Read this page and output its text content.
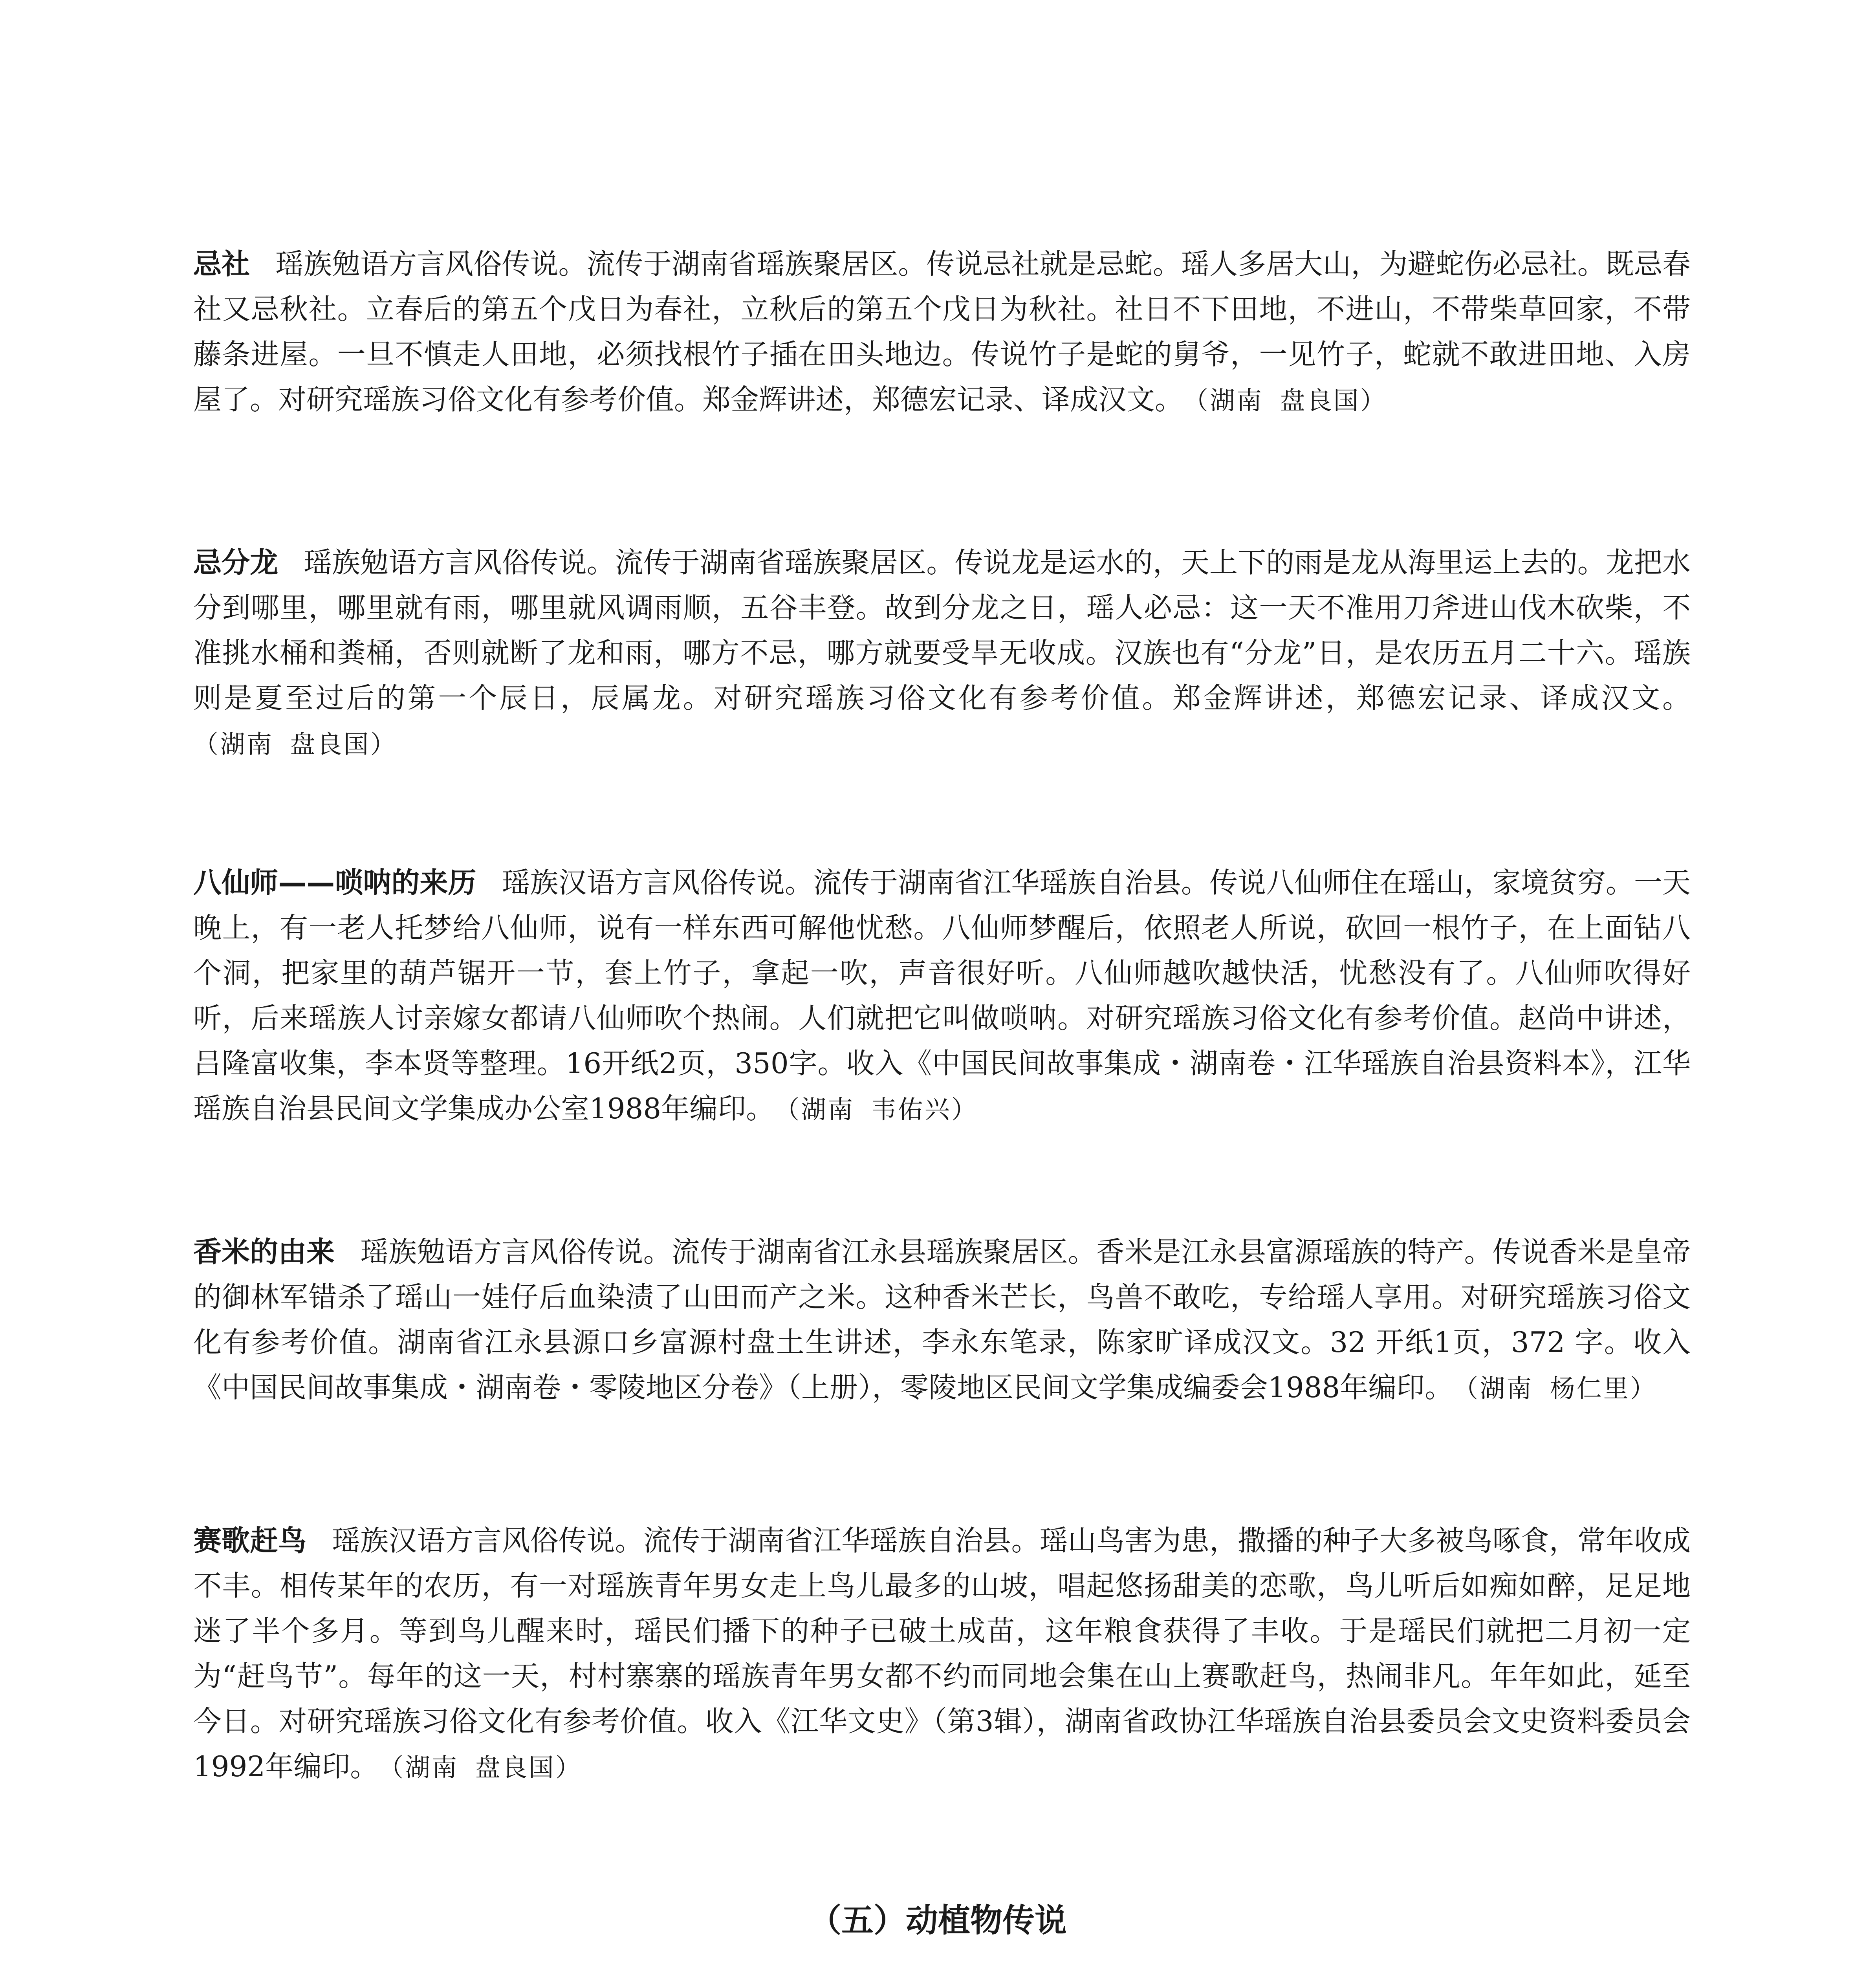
忌社 瑶族勉语方言风俗传说。流传于湖南省瑶族聚居区。传说忌社就是忌蛇。瑶人多居大山，为避蛇伤必忌社。既忌春社又忌秋社。立春后的第五个戊日为春社，立秋后的第五个戊日为秋社。社日不下田地，不进山，不带柴草回家，不带藤条进屋。一旦不慎走人田地，必须找根竹子插在田头地边。传说竹子是蛇的舅爷，一见竹子，蛇就不敢进田地、入房屋了。对研究瑶族习俗文化有参考价值。郑金辉讲述，郑德宏记录、译成汉文。 （湖南 盘良国）

忌分龙 瑶族勉语方言风俗传说。流传于湖南省瑶族聚居区。传说龙是运水的，天上下的雨是龙从海里运上去的。龙把水分到哪里，哪里就有雨，哪里就风调雨顺，五谷丰登。故到分龙之日，瑶人必忌：这一天不准用刀斧进山伐木砍柴，不准挑水桶和粪桶，否则就断了龙和雨，哪方不忌，哪方就要受旱无收成。汉族也有“分龙”日，是农历五月二十六。瑶族则是夏至过后的第一个辰日，辰属龙。对研究瑶族习俗文化有参考价值。郑金辉讲述，郑德宏记录、译成汉文。（湖南 盘良国）

八仙师——唢呐的来历 瑶族汉语方言风俗传说。流传于湖南省江华瑶族自治县。传说八仙师住在瑶山，家境贫穷。一天晚上，有一老人托梦给八仙师，说有一样东西可解他忧愁。八仙师梦醒后，依照老人所说，砍回一根竹子，在上面钻八个洞，把家里的葫芦锯开一节，套上竹子，拿起一吹，声音很好听。八仙师越吹越快活，忧愁没有了。八仙师吹得好听，后来瑶族人讨亲嫁女都请八仙师吹个热闹。人们就把它叫做唢呐。对研究瑶族习俗文化有参考价值。赵尚中讲述，吕隆富收集，李本贤等整理。16开纸2页，350字。收入《中国民间故事集成・湖南卷・江华瑶族自治县资料本》，江华瑶族自治县民间文学集成办公室1988年编印。 （湖南 韦佑兴）

香米的由来 瑶族勉语方言风俗传说。流传于湖南省江永县瑶族聚居区。香米是江永县富源瑶族的特产。传说香米是皇帝的御林军错杀了瑶山一娃仔后血染渍了山田而产之米。这种香米芒长，鸟兽不敢吃，专给瑶人享用。对研究瑶族习俗文化有参考价值。湖南省江永县源口乡富源村盘土生讲述，李永东笔录，陈家旷译成汉文。32 开纸1页，372 字。收入《中国民间故事集成・湖南卷・零陵地区分卷》（上册），零陵地区民间文学集成编委会1988年编印。 （湖南 杨仁里）

赛歌赶鸟 瑶族汉语方言风俗传说。流传于湖南省江华瑶族自治县。瑶山鸟害为患，撒播的种子大多被鸟啄食，常年收成不丰。相传某年的农历，有一对瑶族青年男女走上鸟儿最多的山坡，唱起悠扬甜美的恋歌，鸟儿听后如痴如醉，足足地迷了半个多月。等到鸟儿醒来时，瑶民们播下的种子已破土成苗，这年粮食获得了丰收。于是瑶民们就把二月初一定为“赶鸟节”。每年的这一天，村村寨寨的瑶族青年男女都不约而同地会集在山上赛歌赶鸟，热闹非凡。年年如此，延至今日。对研究瑶族习俗文化有参考价值。收入《江华文史》（第3辑），湖南省政协江华瑶族自治县委员会文史资料委员会1992年编印。 （湖南 盘良国）

（五）动植物传说
